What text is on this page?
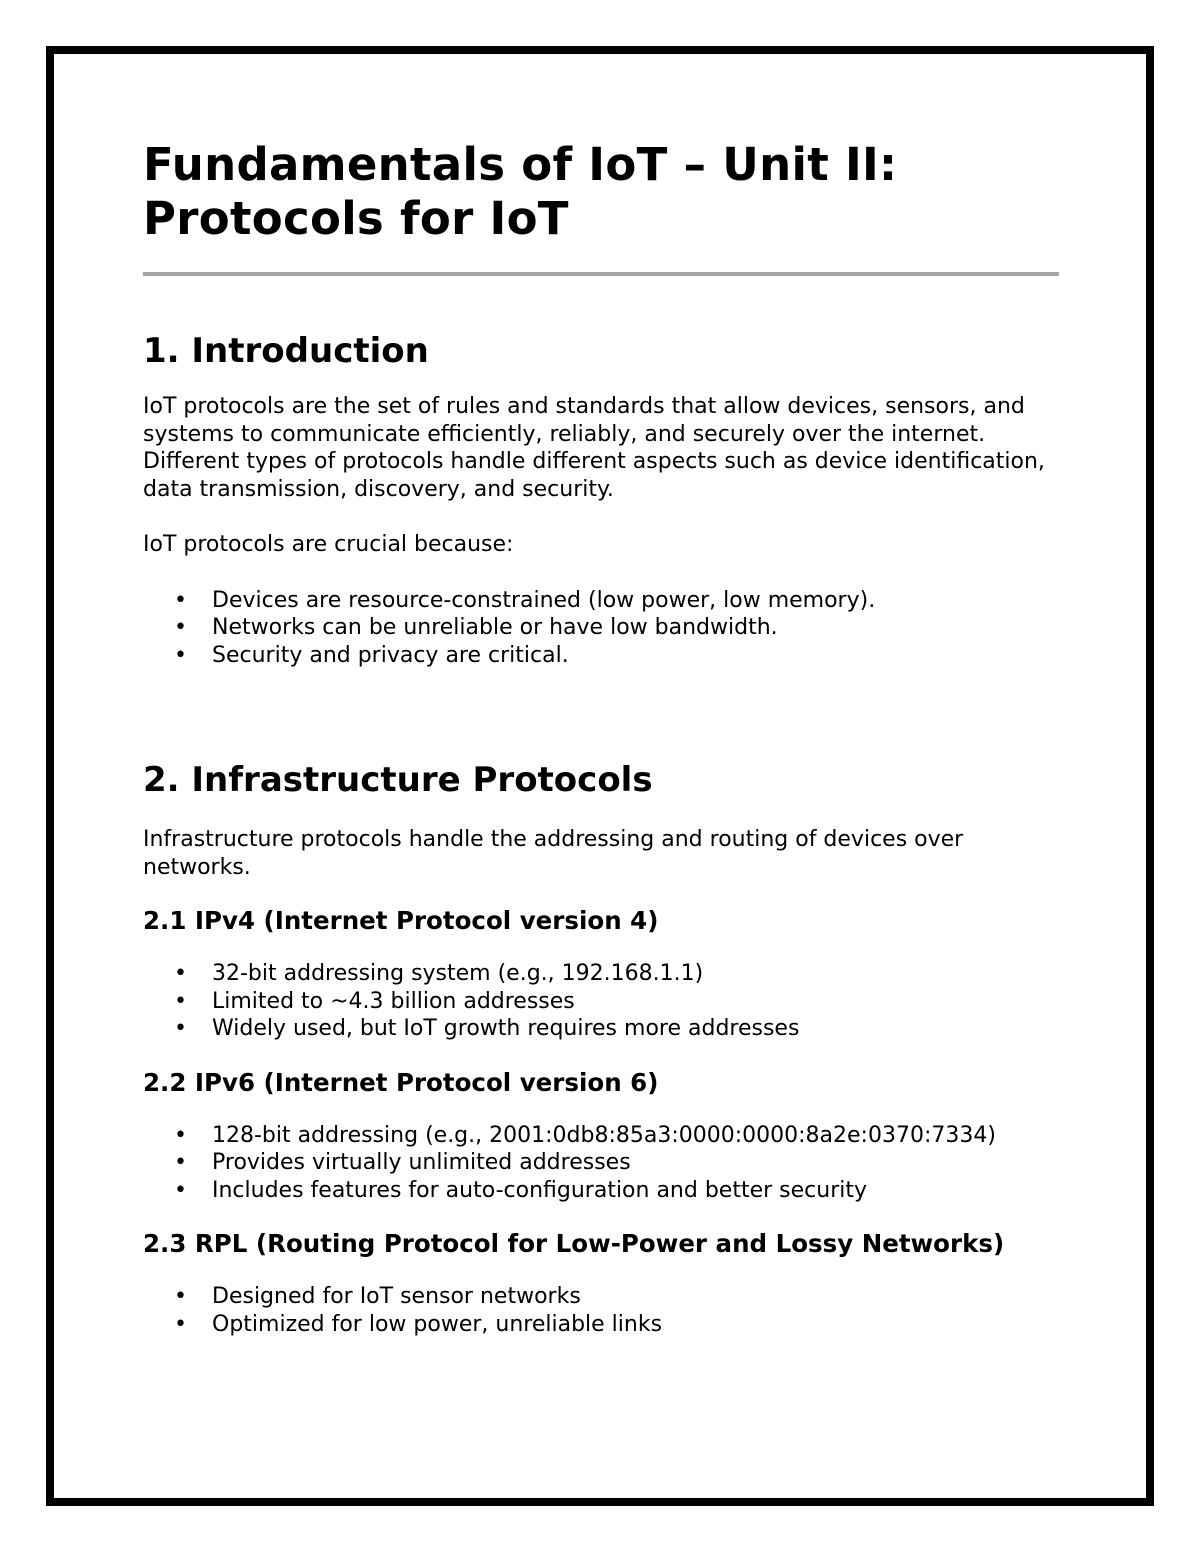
Fundamentals of IoT – Unit II: Protocols for IoT
1. Introduction

IoT protocols are the set of rules and standards that allow devices, sensors, and systems to communicate efficiently, reliably, and securely over the internet. Different types of protocols handle different aspects such as device identification, data transmission, discovery, and security.

IoT protocols are crucial because:

• Devices are resource-constrained (low power, low memory).
• Networks can be unreliable or have low bandwidth.
• Security and privacy are critical.
2. Infrastructure Protocols

Infrastructure protocols handle the addressing and routing of devices over networks.

2.1 IPv4 (Internet Protocol version 4)
• 32-bit addressing system (e.g., 192.168.1.1)
• Limited to ~4.3 billion addresses
• Widely used, but IoT growth requires more addresses
2.2 IPv6 (Internet Protocol version 6)
• 128-bit addressing (e.g., 2001:0db8:85a3:0000:0000:8a2e:0370:7334)
• Provides virtually unlimited addresses
• Includes features for auto-configuration and better security
2.3 RPL (Routing Protocol for Low-Power and Lossy Networks)
• Designed for IoT sensor networks
• Optimized for low power, unreliable links
